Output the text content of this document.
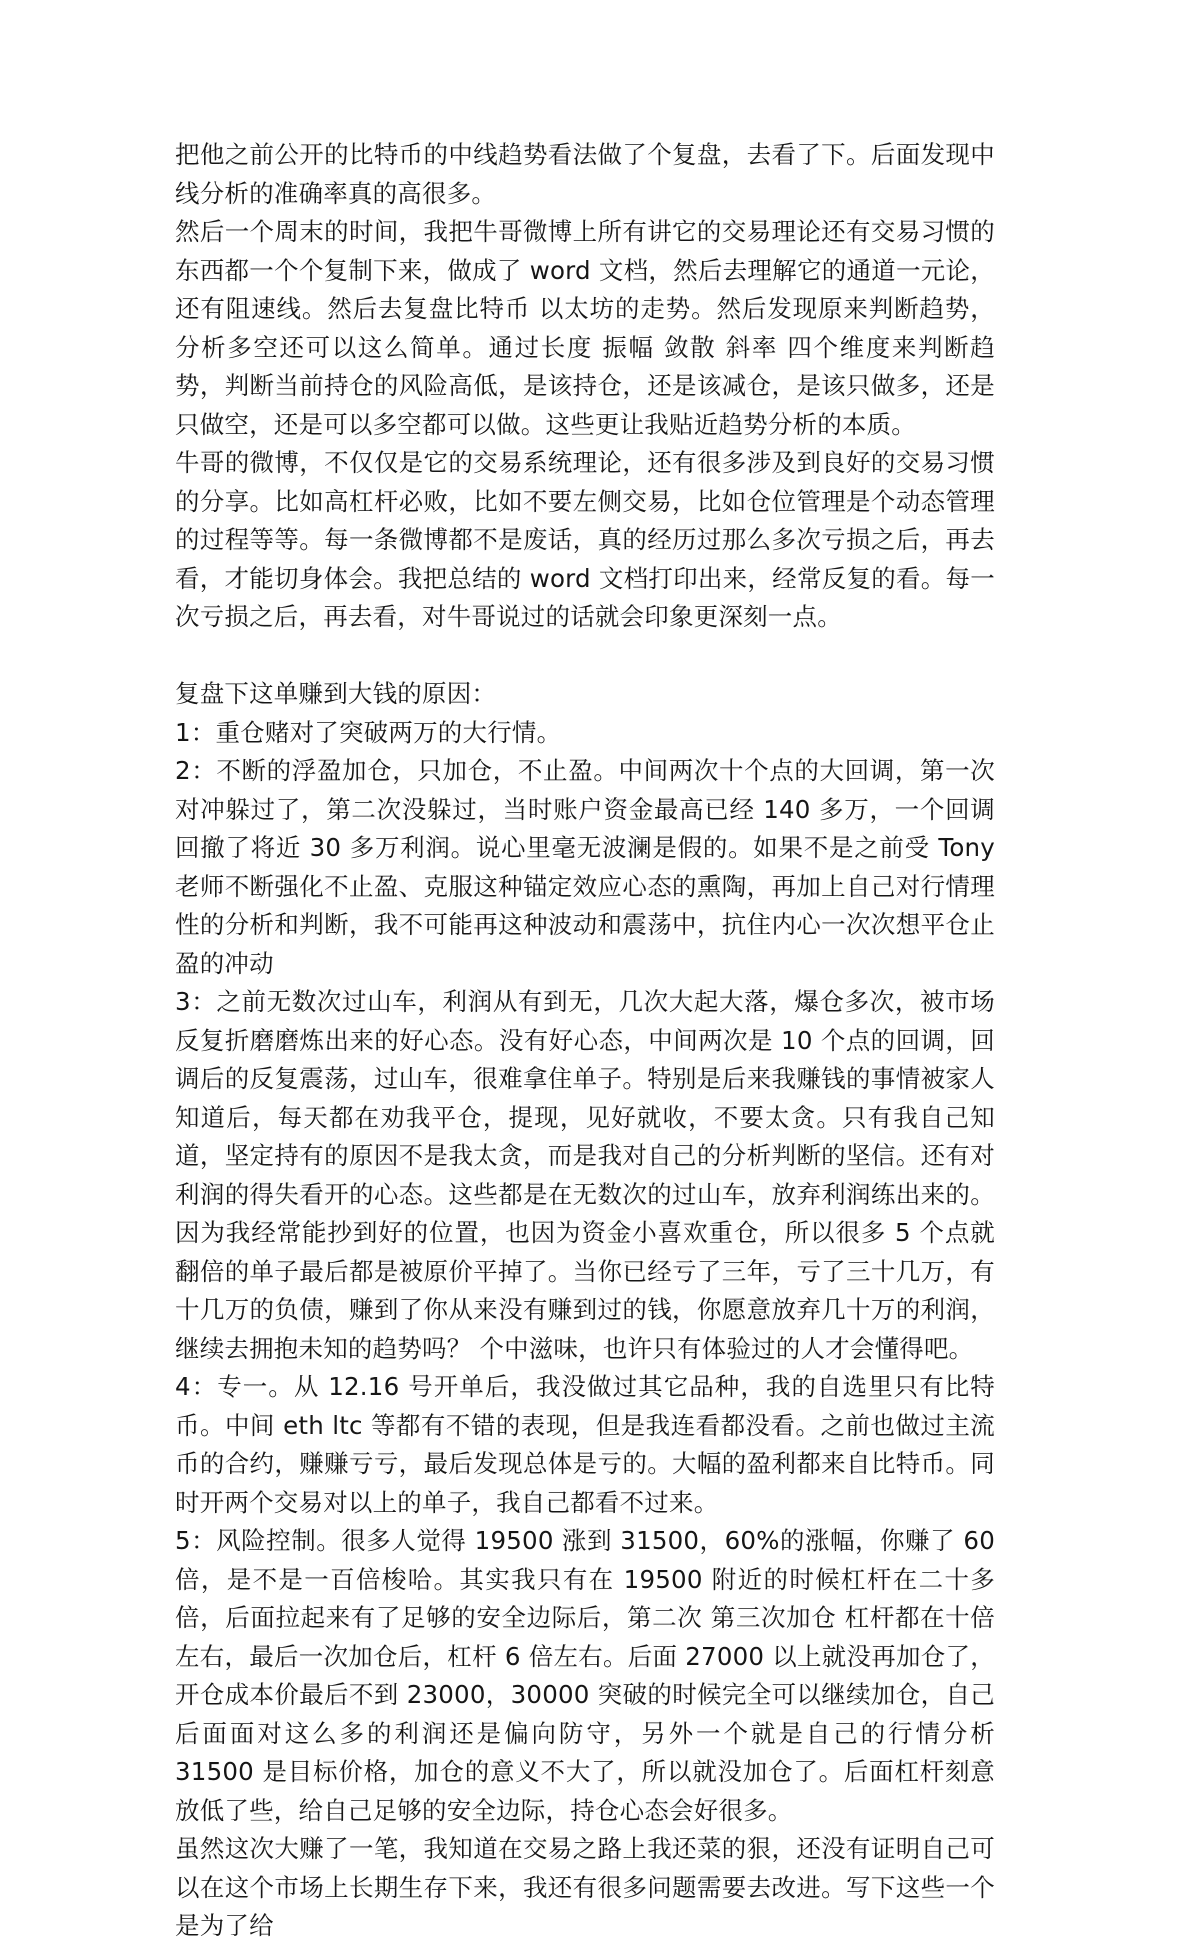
把他之前公开的比特币的中线趋势看法做了个复盘，去看了下。后面发现中线分析的准确率真的高很多。

然后一个周末的时间，我把牛哥微博上所有讲它的交易理论还有交易习惯的东西都一个个复制下来，做成了 word 文档，然后去理解它的通道一元论，还有阻速线。然后去复盘比特币 以太坊的走势。然后发现原来判断趋势，分析多空还可以这么简单。通过长度 振幅 敛散 斜率 四个维度来判断趋势，判断当前持仓的风险高低，是该持仓，还是该减仓，是该只做多，还是只做空，还是可以多空都可以做。这些更让我贴近趋势分析的本质。

牛哥的微博，不仅仅是它的交易系统理论，还有很多涉及到良好的交易习惯的分享。比如高杠杆必败，比如不要左侧交易，比如仓位管理是个动态管理的过程等等。每一条微博都不是废话，真的经历过那么多次亏损之后，再去看，才能切身体会。我把总结的 word 文档打印出来，经常反复的看。每一次亏损之后，再去看，对牛哥说过的话就会印象更深刻一点。

复盘下这单赚到大钱的原因：

1：重仓赌对了突破两万的大行情。

2：不断的浮盈加仓，只加仓，不止盈。中间两次十个点的大回调，第一次对冲躲过了，第二次没躲过，当时账户资金最高已经 140 多万，一个回调 回撤了将近 30 多万利润。说心里毫无波澜是假的。如果不是之前受 Tony 老师不断强化不止盈、克服这种锚定效应心态的熏陶，再加上自己对行情理性的分析和判断，我不可能再这种波动和震荡中，抗住内心一次次想平仓止盈的冲动

3：之前无数次过山车，利润从有到无，几次大起大落，爆仓多次，被市场反复折磨磨炼出来的好心态。没有好心态，中间两次是 10 个点的回调，回调后的反复震荡，过山车，很难拿住单子。特别是后来我赚钱的事情被家人知道后，每天都在劝我平仓，提现，见好就收，不要太贪。只有我自己知道，坚定持有的原因不是我太贪，而是我对自己的分析判断的坚信。还有对利润的得失看开的心态。这些都是在无数次的过山车，放弃利润练出来的。因为我经常能抄到好的位置，也因为资金小喜欢重仓，所以很多 5 个点就翻倍的单子最后都是被原价平掉了。当你已经亏了三年，亏了三十几万，有十几万的负债，赚到了你从来没有赚到过的钱，你愿意放弃几十万的利润，继续去拥抱未知的趋势吗？ 个中滋味，也许只有体验过的人才会懂得吧。

4：专一。从 12.16 号开单后，我没做过其它品种，我的自选里只有比特币。中间 eth ltc 等都有不错的表现，但是我连看都没看。之前也做过主流币的合约，赚赚亏亏，最后发现总体是亏的。大幅的盈利都来自比特币。同时开两个交易对以上的单子，我自己都看不过来。

5：风险控制。很多人觉得 19500 涨到 31500，60%的涨幅，你赚了 60 倍，是不是一百倍梭哈。其实我只有在 19500 附近的时候杠杆在二十多倍，后面拉起来有了足够的安全边际后，第二次 第三次加仓 杠杆都在十倍左右，最后一次加仓后，杠杆 6 倍左右。后面 27000 以上就没再加仓了，开仓成本价最后不到 23000，30000 突破的时候完全可以继续加仓，自己后面面对这么多的利润还是偏向防守，另外一个就是自己的行情分析 31500 是目标价格，加仓的意义不大了，所以就没加仓了。后面杠杆刻意放低了些，给自己足够的安全边际，持仓心态会好很多。

虽然这次大赚了一笔，我知道在交易之路上我还菜的狠，还没有证明自己可以在这个市场上长期生存下来，我还有很多问题需要去改进。写下这些一个是为了给
